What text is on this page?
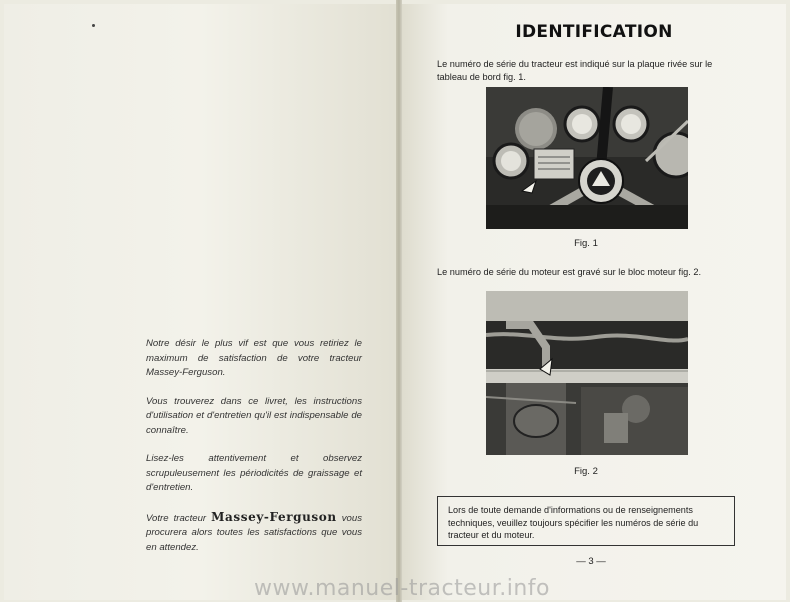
Notre désir le plus vif est que vous retiriez le maximum de satisfaction de votre tracteur Massey-Ferguson.

Vous trouverez dans ce livret, les instructions d'utilisation et d'entretien qu'il est indispensable de connaître.

Lisez-les attentivement et observez scrupuleusement les périodicités de graissage et d'entretien.

Votre tracteur Massey-Ferguson vous procurera alors toutes les satisfactions que vous en attendez.

IDENTIFICATION
Le numéro de série du tracteur est indiqué sur la plaque rivée sur le tableau de bord fig. 1.
Fig. 1
Le numéro de série du moteur est gravé sur le bloc moteur fig. 2.
Fig. 2
Lors de toute demande d'informations ou de renseignements techniques, veuillez toujours spécifier les numéros de série du tracteur et du moteur.
— 3 —
www.manuel-tracteur.info
